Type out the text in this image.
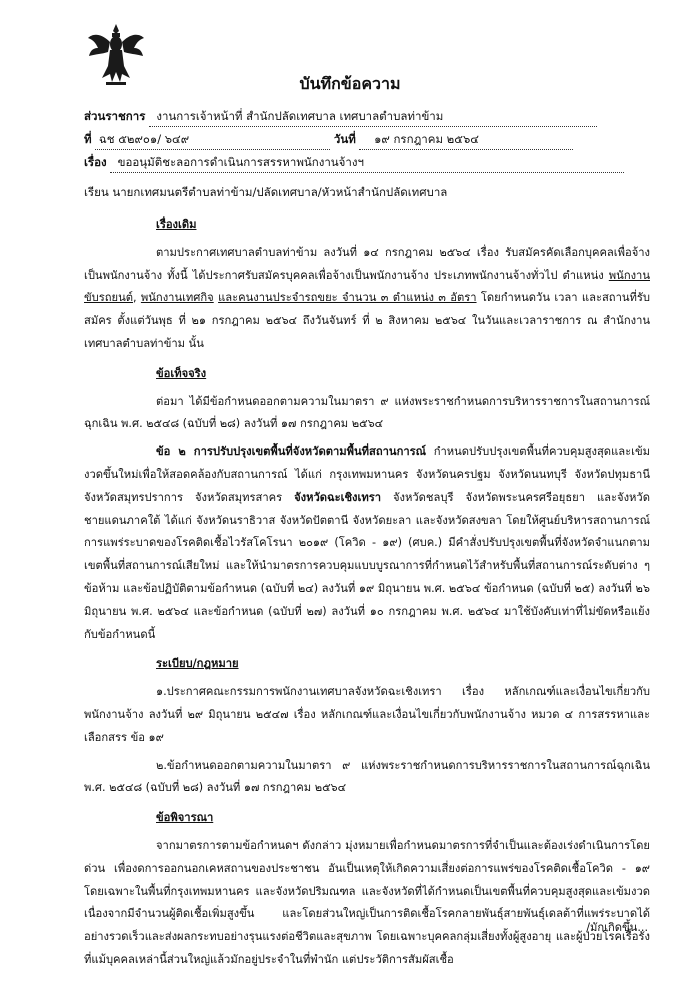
บันทึกข้อความ
ส่วนราชการ งานการเจ้าหน้าที่ สำนักปลัดเทศบาล เทศบาลตำบลท่าข้าม
ที่ ฉช ๕๒๙๐๑/ ๖๔๙	วันที่ ๑๙ กรกฎาคม ๒๕๖๔
เรื่อง ขออนุมัติชะลอการดำเนินการสรรหาพนักงานจ้างฯ
เรียน นายกเทศมนตรีตำบลท่าข้าม/ปลัดเทศบาล/หัวหน้าสำนักปลัดเทศบาล

เรื่องเดิม

ตามประกาศเทศบาลตำบลท่าข้าม ลงวันที่ ๑๔ กรกฎาคม ๒๕๖๔ เรื่อง รับสมัครคัดเลือกบุคคลเพื่อจ้างเป็นพนักงานจ้าง ทั้งนี้ ได้ประกาศรับสมัครบุคคลเพื่อจ้างเป็นพนักงานจ้าง ประเภทพนักงานจ้างทั่วไป ตำแหน่ง พนักงานขับรถยนต์, พนักงานเทศกิจ และคนงานประจำรถขยะ จำนวน ๓ ตำแหน่ง ๓ อัตรา โดยกำหนดวัน เวลา และสถานที่รับสมัคร ตั้งแต่วันพุธ ที่ ๒๑ กรกฎาคม ๒๕๖๔ ถึงวันจันทร์ ที่ ๒ สิงหาคม ๒๕๖๔ ในวันและเวลาราชการ ณ สำนักงานเทศบาลตำบลท่าข้าม นั้น

ข้อเท็จจริง

ต่อมา ได้มีข้อกำหนดออกตามความในมาตรา ๙ แห่งพระราชกำหนดการบริหารราชการในสถานการณ์ฉุกเฉิน พ.ศ. ๒๕๔๘ (ฉบับที่ ๒๘) ลงวันที่ ๑๗ กรกฎาคม ๒๕๖๔

ข้อ ๒ การปรับปรุงเขตพื้นที่จังหวัดตามพื้นที่สถานการณ์ กำหนดปรับปรุงเขตพื้นที่ควบคุมสูงสุดและเข้มงวดขึ้นใหม่เพื่อให้สอดคล้องกับสถานการณ์ ได้แก่ กรุงเทพมหานคร จังหวัดนครปฐม จังหวัดนนทบุรี จังหวัดปทุมธานี จังหวัดสมุทรปราการ จังหวัดสมุทรสาคร จังหวัดฉะเชิงเทรา จังหวัดชลบุรี จังหวัดพระนครศรีอยุธยา และจังหวัดชายแดนภาคใต้ ได้แก่ จังหวัดนราธิวาส จังหวัดปัตตานี จังหวัดยะลา และจังหวัดสงขลา โดยให้ศูนย์บริหารสถานการณ์การแพร่ระบาดของโรคติดเชื้อไวรัสโคโรนา ๒๐๑๙ (โควิด - ๑๙) (ศบค.) มีคำสั่งปรับปรุงเขตพื้นที่จังหวัดจำแนกตามเขตพื้นที่สถานการณ์เสียใหม่ และให้นำมาตรการควบคุมแบบบูรณาการที่กำหนดไว้สำหรับพื้นที่สถานการณ์ระดับต่าง ๆ ข้อห้าม และข้อปฏิบัติตามข้อกำหนด (ฉบับที่ ๒๔) ลงวันที่ ๑๙ มิถุนายน พ.ศ. ๒๕๖๔ ข้อกำหนด (ฉบับที่ ๒๕) ลงวันที่ ๒๖ มิถุนายน พ.ศ. ๒๕๖๔ และข้อกำหนด (ฉบับที่ ๒๗) ลงวันที่ ๑๐ กรกฎาคม พ.ศ. ๒๕๖๔ มาใช้บังคับเท่าที่ไม่ขัดหรือแย้งกับข้อกำหนดนี้

ระเบียบ/กฎหมาย

๑.ประกาศคณะกรรมการพนักงานเทศบาลจังหวัดฉะเชิงเทรา เรื่อง หลักเกณฑ์และเงื่อนไขเกี่ยวกับพนักงานจ้าง ลงวันที่ ๒๙ มิถุนายน ๒๕๔๗ เรื่อง หลักเกณฑ์และเงื่อนไขเกี่ยวกับพนักงานจ้าง หมวด ๔ การสรรหาและเลือกสรร ข้อ ๑๙

๒.ข้อกำหนดออกตามความในมาตรา ๙ แห่งพระราชกำหนดการบริหารราชการในสถานการณ์ฉุกเฉิน พ.ศ. ๒๕๔๘ (ฉบับที่ ๒๘) ลงวันที่ ๑๗ กรกฎาคม ๒๕๖๔

ข้อพิจารณา

จากมาตรการตามข้อกำหนดฯ ดังกล่าว มุ่งหมายเพื่อกำหนดมาตรการที่จำเป็นและต้องเร่งดำเนินการโดยด่วน เพื่องดการออกนอกเคหสถานของประชาชน อันเป็นเหตุให้เกิดความเสี่ยงต่อการแพร่ของโรคติดเชื้อโควิด - ๑๙ โดยเฉพาะในพื้นที่กรุงเทพมหานคร และจังหวัดปริมณฑล และจังหวัดที่ได้กำหนดเป็นเขตพื้นที่ควบคุมสูงสุดและเข้มงวด เนื่องจากมีจำนวนผู้ติดเชื้อเพิ่มสูงขึ้น และโดยส่วนใหญ่เป็นการติดเชื้อโรคกลายพันธุ์สายพันธุ์เดลต้าที่แพร่ระบาดได้อย่างรวดเร็วและส่งผลกระทบอย่างรุนแรงต่อชีวิตและสุขภาพ โดยเฉพาะบุคคลกลุ่มเสี่ยงทั้งผู้สูงอายุ และผู้ป่วยโรคเรื้อรังที่แม้บุคคลเหล่านี้ส่วนใหญ่แล้วมักอยู่ประจำในที่พำนัก แต่ประวัติการสัมผัสเชื้อ

/มักเกิดขึ้น...
